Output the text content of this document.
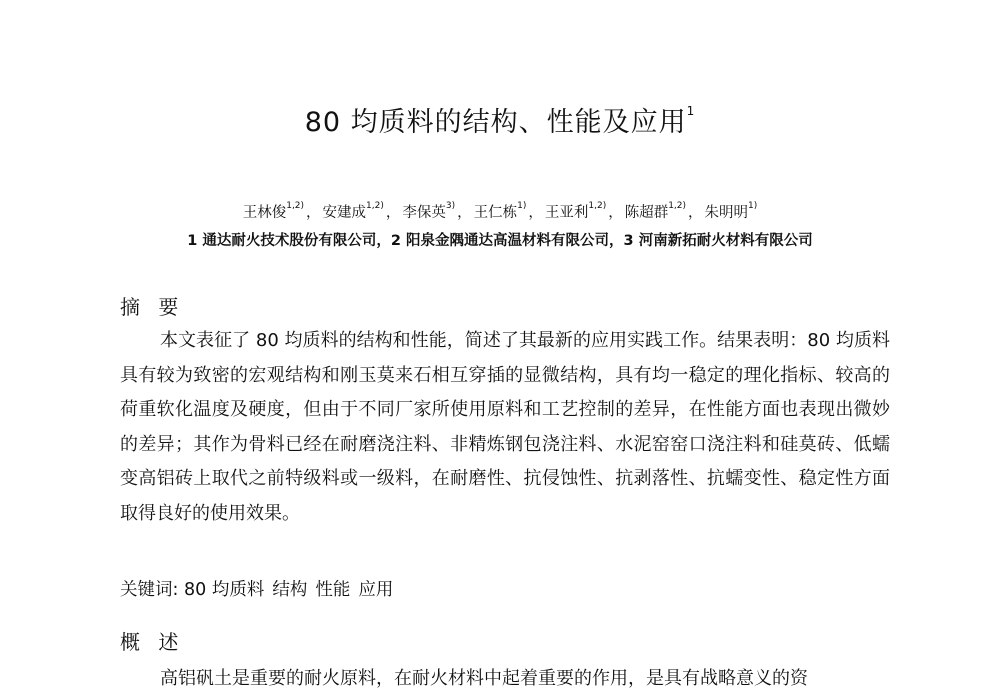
80 均质料的结构、性能及应用$^1$
王林俊$^{1,2)}$ ， 安建成$^{1,2)}$ ， 李保英$^{3)}$ ， 王仁栋$^{1)}$ ， 王亚利$^{1,2)}$ ， 陈超群$^{1,2)}$ ， 朱明明$^{1)}$
1 通达耐火技术股份有限公司，2 阳泉金隅通达高温材料有限公司，3 河南新拓耐火材料有限公司
摘 要

本文表征了 80 均质料的结构和性能，简述了其最新的应用实践工作。结果表明：80 均质料具有较为致密的宏观结构和刚玉莫来石相互穿插的显微结构，具有均一稳定的理化指标、较高的荷重软化温度及硬度，但由于不同厂家所使用原料和工艺控制的差异，在性能方面也表现出微妙的差异；其作为骨料已经在耐磨浇注料、非精炼钢包浇注料、水泥窑窑口浇注料和硅莫砖、低蠕变高铝砖上取代之前特级料或一级料，在耐磨性、抗侵蚀性、抗剥落性、抗蠕变性、稳定性方面取得良好的使用效果。

关键词: 80 均质料 结构 性能 应用
概 述

高铝矾土是重要的耐火原料，在耐火材料中起着重要的作用，是具有战略意义的资
